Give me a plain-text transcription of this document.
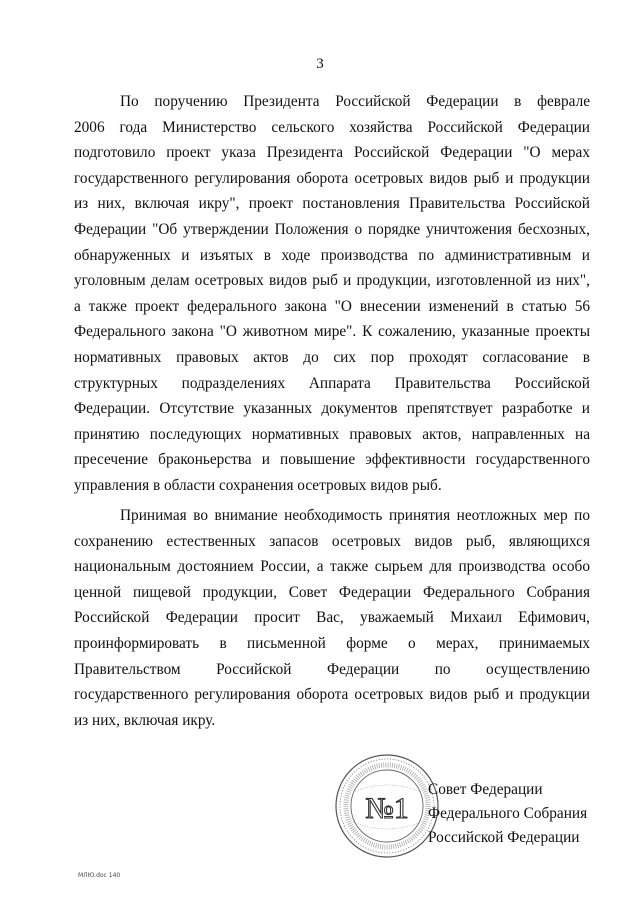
3
По поручению Президента Российской Федерации в феврале
2006 года Министерство сельского хозяйства Российской Федерации
подготовило проект указа Президента Российской Федерации "О мерах
государственного регулирования оборота осетровых видов рыб и продукции
из них, включая икру", проект постановления Правительства Российской
Федерации "Об утверждении Положения о порядке уничтожения бесхозных,
обнаруженных и изъятых в ходе производства по административным и
уголовным делам осетровых видов рыб и продукции, изготовленной из них",
а также проект федерального закона "О внесении изменений в статью 56
Федерального закона "О животном мире". К сожалению, указанные проекты
нормативных правовых актов до сих пор проходят согласование в
структурных подразделениях Аппарата Правительства Российской
Федерации. Отсутствие указанных документов препятствует разработке и
принятию последующих нормативных правовых актов, направленных на
пресечение браконьерства и повышение эффективности государственного
управления в области сохранения осетровых видов рыб.
Принимая во внимание необходимость принятия неотложных мер по
сохранению естественных запасов осетровых видов рыб, являющихся
национальным достоянием России, а также сырьем для производства особо
ценной пищевой продукции, Совет Федерации Федерального Собрания
Российской Федерации просит Вас, уважаемый Михаил Ефимович,
проинформировать в письменной форме о мерах, принимаемых
Правительством Российской Федерации по осуществлению
государственного регулирования оборота осетровых видов рыб и продукции
из них, включая икру.
№1
Совет Федерации
Федерального Собрания
Российской Федерации
МЛЮ.doc 140
